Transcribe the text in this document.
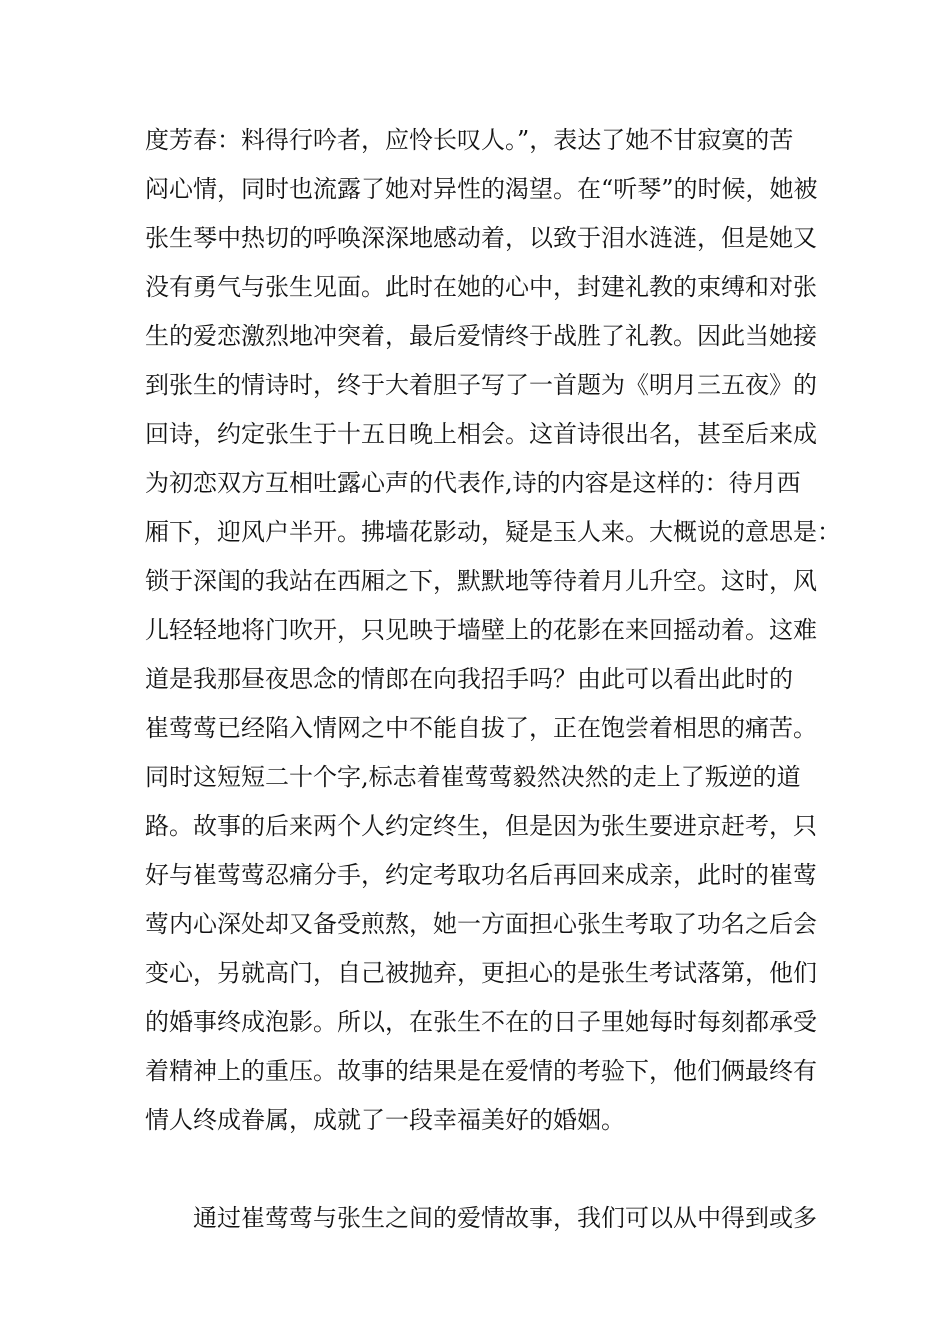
度芳春：料得行吟者，应怜长叹人。”，表达了她不甘寂寞的苦
闷心情，同时也流露了她对异性的渴望。在“听琴”的时候，她被
张生琴中热切的呼唤深深地感动着，以致于泪水涟涟，但是她又
没有勇气与张生见面。此时在她的心中，封建礼教的束缚和对张
生的爱恋激烈地冲突着，最后爱情终于战胜了礼教。因此当她接
到张生的情诗时，终于大着胆子写了一首题为《明月三五夜》的
回诗，约定张生于十五日晚上相会。这首诗很出名，甚至后来成
为初恋双方互相吐露心声的代表作,诗的内容是这样的：待月西
厢下，迎风户半开。拂墙花影动，疑是玉人来。大概说的意思是：
锁于深闺的我站在西厢之下，默默地等待着月儿升空。这时，风
儿轻轻地将门吹开，只见映于墙壁上的花影在来回摇动着。这难
道是我那昼夜思念的情郎在向我招手吗？由此可以看出此时的
崔莺莺已经陷入情网之中不能自拔了，正在饱尝着相思的痛苦。
同时这短短二十个字,标志着崔莺莺毅然决然的走上了叛逆的道
路。故事的后来两个人约定终生，但是因为张生要进京赶考，只
好与崔莺莺忍痛分手，约定考取功名后再回来成亲，此时的崔莺
莺内心深处却又备受煎熬，她一方面担心张生考取了功名之后会
变心，另就高门，自己被抛弃，更担心的是张生考试落第，他们
的婚事终成泡影。所以，在张生不在的日子里她每时每刻都承受
着精神上的重压。故事的结果是在爱情的考验下，他们俩最终有
情人终成眷属，成就了一段幸福美好的婚姻。
通过崔莺莺与张生之间的爱情故事，我们可以从中得到或多
